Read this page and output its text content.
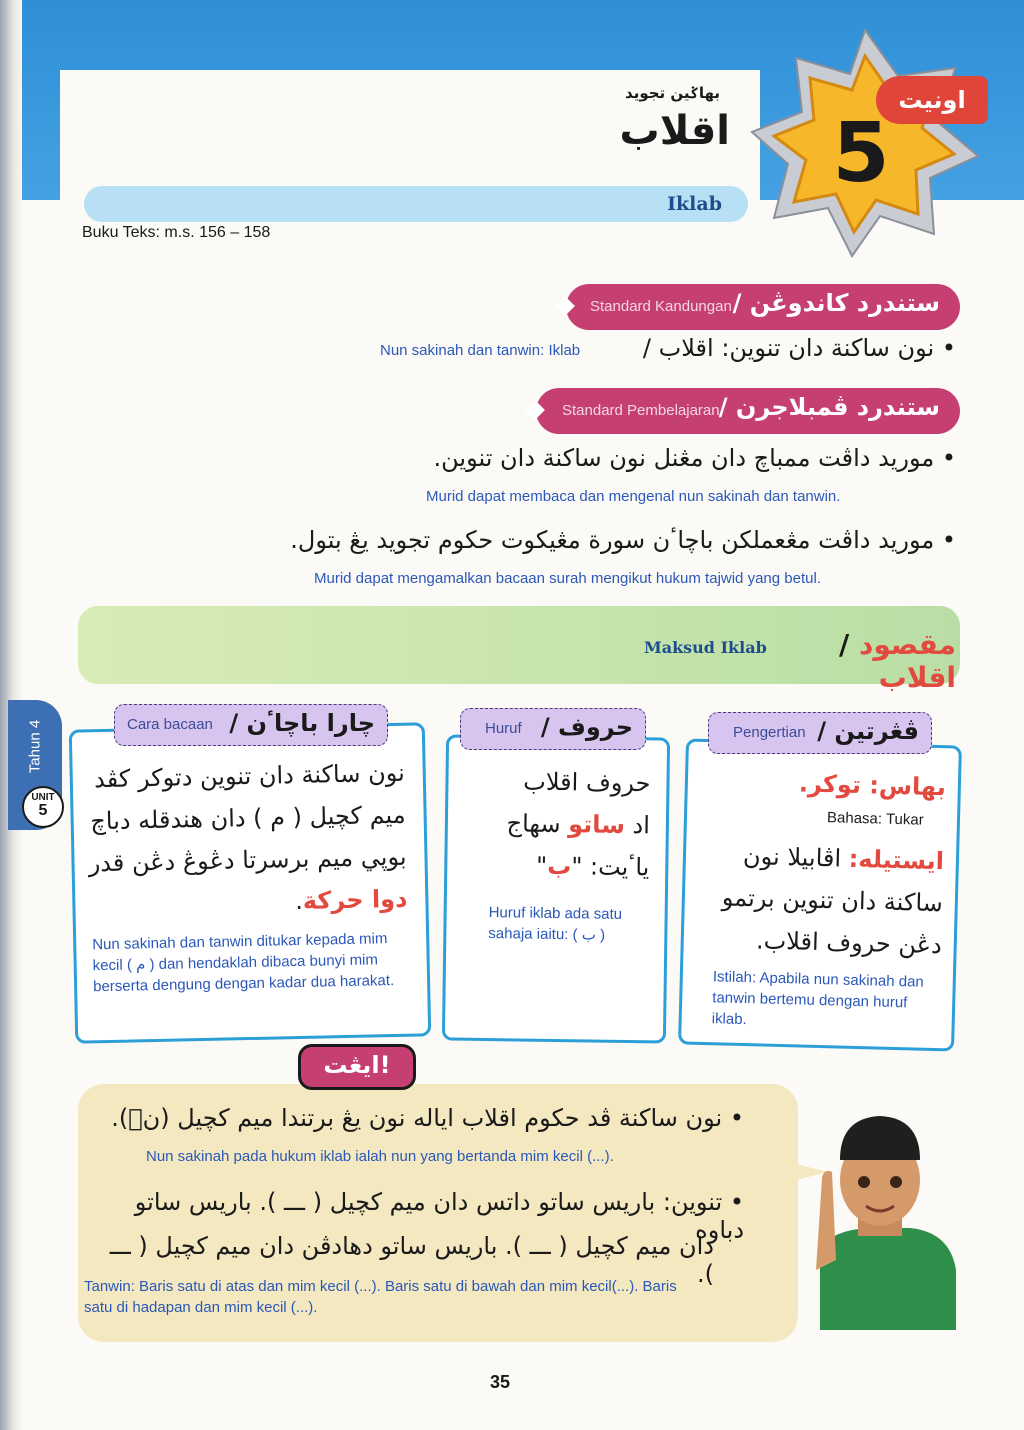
بهاݢين تجويد
اقلاب
Iklab
اونيت
5
Buku Teks: m.s. 156 – 158
Standard Kandungan / ستندرد كاندوڠن
• نون ساكنة دان تنوين: اقلاب /
Nun sakinah dan tanwin: Iklab
Standard Pembelajaran / ستندرد ڤمبلاجرن
• موريد داڤت ممباچ دان مڠنل نون ساكنة دان تنوين.
Murid dapat membaca dan mengenal nun sakinah dan tanwin.
• موريد داڤت مڠعملكن باچاٴن سورة مڠيكوت حكوم تجويد يڠ بتول.
Murid dapat mengamalkan bacaan surah mengikut hukum tajwid yang betul.
Maksud Iklab	/ مقصود اقلاب
Tahun 4
UNIT
5
نون ساكنة دان تنوين دتوكر كڤد ميم كچيل ( م ) دان هندقله دباچ بوڽي ميم برسرتا دڠوڠ دڠن قدر دوا حركة.
Nun sakinah dan tanwin ditukar kepada mim kecil ( م ) dan hendaklah dibaca bunyi mim berserta dengung dengan kadar dua harakat.
Cara bacaan / چارا باچاٴن
حروف اقلاب
اد ساتو سهاج
ياٴيت: "ب"
Huruf iklab ada satu sahaja iaitu: ( ب )
Huruf / حروف
بهاس: توكر.
Bahasa: Tukar
ايستيله: اڤابيلا نون ساكنة دان تنوين برتمو دڠن حروف اقلاب.
Istilah: Apabila nun sakinah dan tanwin bertemu dengan huruf iklab.
Pengertian / ڤڠرتين
ايڠت!
• نون ساكنة ڤد حكوم اقلاب اياله نون يڠ برتندا ميم كچيل (نۢ).
Nun sakinah pada hukum iklab ialah nun yang bertanda mim kecil (...).
• تنوين: باريس ساتو داتس دان ميم كچيل ( ـــ ). باريس ساتو دباوه
دان ميم كچيل ( ـــ ). باريس ساتو دهادڤن دان ميم كچيل ( ـــ ).
Tanwin: Baris satu di atas dan mim kecil (...). Baris satu di bawah dan mim kecil(...). Baris satu di hadapan dan mim kecil (...).
35
